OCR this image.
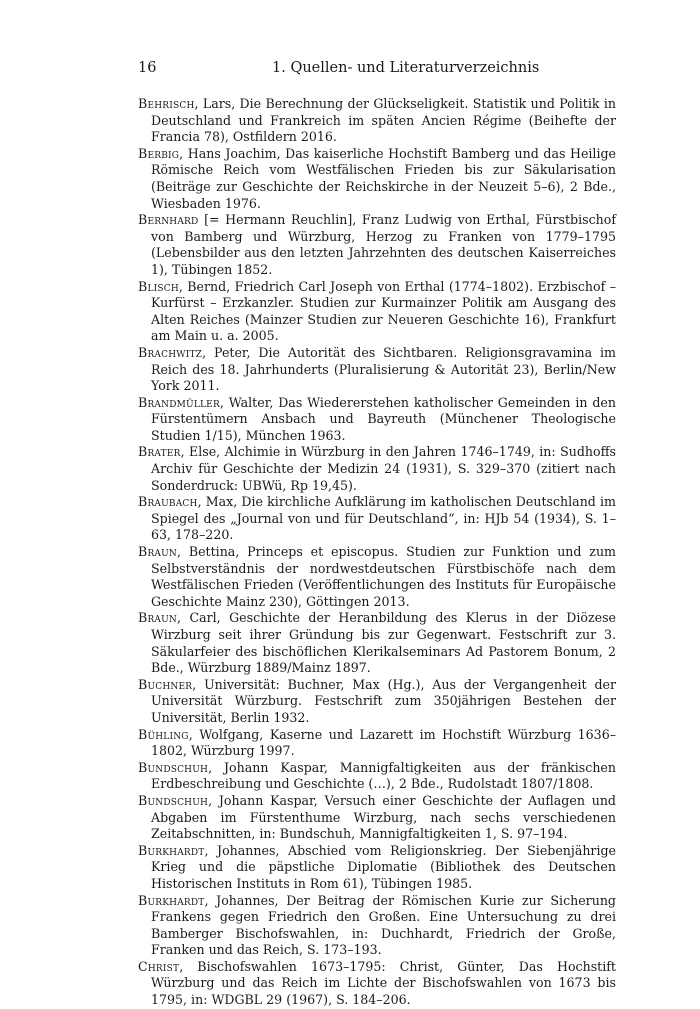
16	1. Quellen- und Literaturverzeichnis

Behrisch, Lars, Die Berechnung der Glückseligkeit. Statistik und Politik in Deutschland und Frankreich im späten Ancien Régime (Beihefte der Francia 78), Ostfildern 2016.

Berbig, Hans Joachim, Das kaiserliche Hochstift Bamberg und das Heilige Römische Reich vom Westfälischen Frieden bis zur Säkularisation (Beiträge zur Geschichte der Reichskirche in der Neuzeit 5–6), 2 Bde., Wiesbaden 1976.

Bernhard [= Hermann Reuchlin], Franz Ludwig von Erthal, Fürstbischof von Bamberg und Würzburg, Herzog zu Franken von 1779–1795 (Lebensbilder aus den letzten Jahrzehnten des deutschen Kaiserreiches 1), Tübingen 1852.

Blisch, Bernd, Friedrich Carl Joseph von Erthal (1774–1802). Erzbischof – Kurfürst – Erzkanzler. Studien zur Kurmainzer Politik am Ausgang des Alten Reiches (Mainzer Studien zur Neueren Geschichte 16), Frankfurt am Main u. a. 2005.

Brachwitz, Peter, Die Autorität des Sichtbaren. Religionsgravamina im Reich des 18. Jahrhunderts (Pluralisierung & Autorität 23), Berlin/New York 2011.

Brandmüller, Walter, Das Wiedererstehen katholischer Gemeinden in den Fürstentümern Ansbach und Bayreuth (Münchener Theologische Studien 1/15), München 1963.

Brater, Else, Alchimie in Würzburg in den Jahren 1746–1749, in: Sudhoffs Archiv für Geschichte der Medizin 24 (1931), S. 329–370 (zitiert nach Sonderdruck: UBWü, Rp 19,45).

Braubach, Max, Die kirchliche Aufklärung im katholischen Deutschland im Spiegel des „Journal von und für Deutschland“, in: HJb 54 (1934), S. 1–63, 178–220.

Braun, Bettina, Princeps et episcopus. Studien zur Funktion und zum Selbstverständnis der nordwestdeutschen Fürstbischöfe nach dem Westfälischen Frieden (Veröffentlichungen des Instituts für Europäische Geschichte Mainz 230), Göttingen 2013.

Braun, Carl, Geschichte der Heranbildung des Klerus in der Diözese Wirzburg seit ihrer Gründung bis zur Gegenwart. Festschrift zur 3. Säkularfeier des bischöflichen Klerikalseminars Ad Pastorem Bonum, 2 Bde., Würzburg 1889/Mainz 1897.

Buchner, Universität: Buchner, Max (Hg.), Aus der Vergangenheit der Universität Würzburg. Festschrift zum 350jährigen Bestehen der Universität, Berlin 1932.

Bühling, Wolfgang, Kaserne und Lazarett im Hochstift Würzburg 1636–1802, Würzburg 1997.

Bundschuh, Johann Kaspar, Mannigfaltigkeiten aus der fränkischen Erdbeschreibung und Geschichte (…), 2 Bde., Rudolstadt 1807/1808.

Bundschuh, Johann Kaspar, Versuch einer Geschichte der Auflagen und Abgaben im Fürstenthume Wirzburg, nach sechs verschiedenen Zeitabschnitten, in: Bundschuh, Mannigfaltigkeiten 1, S. 97–194.

Burkhardt, Johannes, Abschied vom Religionskrieg. Der Siebenjährige Krieg und die päpstliche Diplomatie (Bibliothek des Deutschen Historischen Instituts in Rom 61), Tübingen 1985.

Burkhardt, Johannes, Der Beitrag der Römischen Kurie zur Sicherung Frankens gegen Friedrich den Großen. Eine Untersuchung zu drei Bamberger Bischofswahlen, in: Duchhardt, Friedrich der Große, Franken und das Reich, S. 173–193.

Christ, Bischofswahlen 1673–1795: Christ, Günter, Das Hochstift Würzburg und das Reich im Lichte der Bischofswahlen von 1673 bis 1795, in: WDGBL 29 (1967), S. 184–206.
